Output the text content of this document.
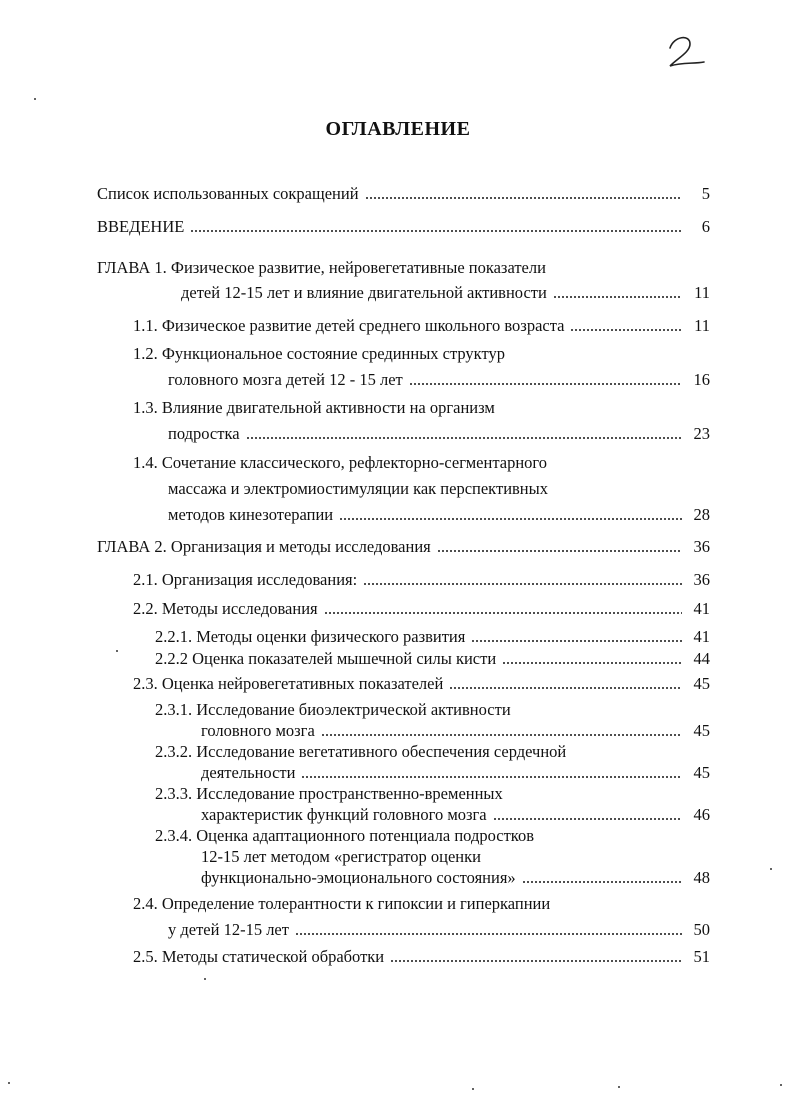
ОГЛАВЛЕНИЕ
Список использованных сокращений	5
ВВЕДЕНИЕ	6
ГЛАВА 1. Физическое развитие, нейровегетативные показатели
детей 12-15 лет и влияние двигательной активности	11
1.1. Физическое развитие детей среднего школьного возраста	11
1.2. Функциональное состояние срединных структур
головного мозга детей 12 - 15 лет	16
1.3. Влияние двигательной активности на организм
подростка	23
1.4. Сочетание классического, рефлекторно-сегментарного
массажа и электромиостимуляции как перспективных
методов кинезотерапии	28
ГЛАВА 2. Организация и методы исследования	36
2.1. Организация исследования:	36
2.2. Методы исследования	41
2.2.1. Методы оценки физического развития	41
2.2.2 Оценка показателей мышечной силы кисти	44
2.3. Оценка нейровегетативных показателей	45
2.3.1. Исследование биоэлектрической активности
головного мозга	45
2.3.2. Исследование вегетативного обеспечения сердечной
деятельности	45
2.3.3. Исследование пространственно-временных
характеристик функций головного мозга	46
2.3.4. Оценка адаптационного потенциала подростков
12-15 лет методом «регистратор оценки
функционально-эмоционального состояния»	48
2.4. Определение толерантности к гипоксии и гиперкапнии
у детей 12-15 лет	50
2.5. Методы статической обработки	51
